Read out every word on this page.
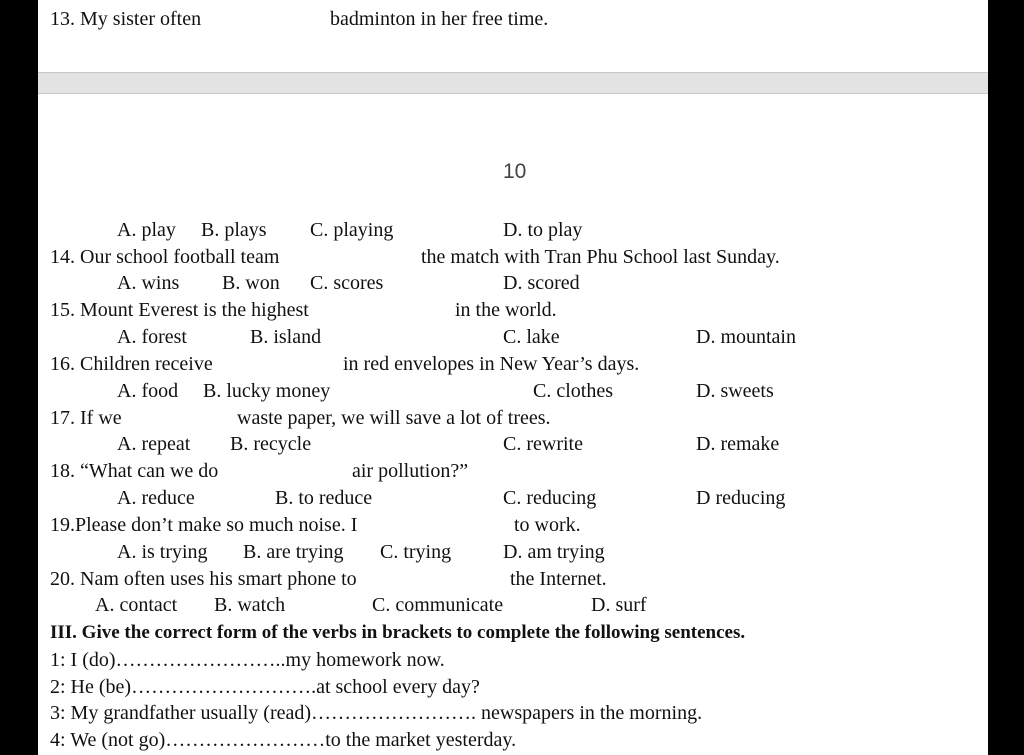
10
13. My sister often	badminton in her free time.
A. play B. plays C. playing	D. to play
14. Our school football team	the match with Tran Phu School last Sunday.
A. wins B. won C. scores	D. scored
15. Mount Everest is the highest	in the world.
A. forest	B. island	C. lake	D. mountain
16. Children receive	in red envelopes in New Year’s days.
A. food B. lucky money	C. clothes	D. sweets
17. If we	waste paper, we will save a lot of trees.
A. repeat B. recycle	C. rewrite	D. remake
18. “What can we do	air pollution?”
A. reduce	B. to reduce	C. reducing	D reducing
19.Please don’t make so much noise. I	to work.
A. is trying B. are trying C. trying	D. am trying
20. Nam often uses his smart phone to	the Internet.
A. contact B. watch	C. communicate	D. surf
III. Give the correct form of the verbs in brackets to complete the following sentences.
1: I (do)……………………..my homework now.
2: He (be)……………………….at school every day?
3: My grandfather usually (read)……………………. newspapers in the morning.
4: We (not go)……………………to the market yesterday.
